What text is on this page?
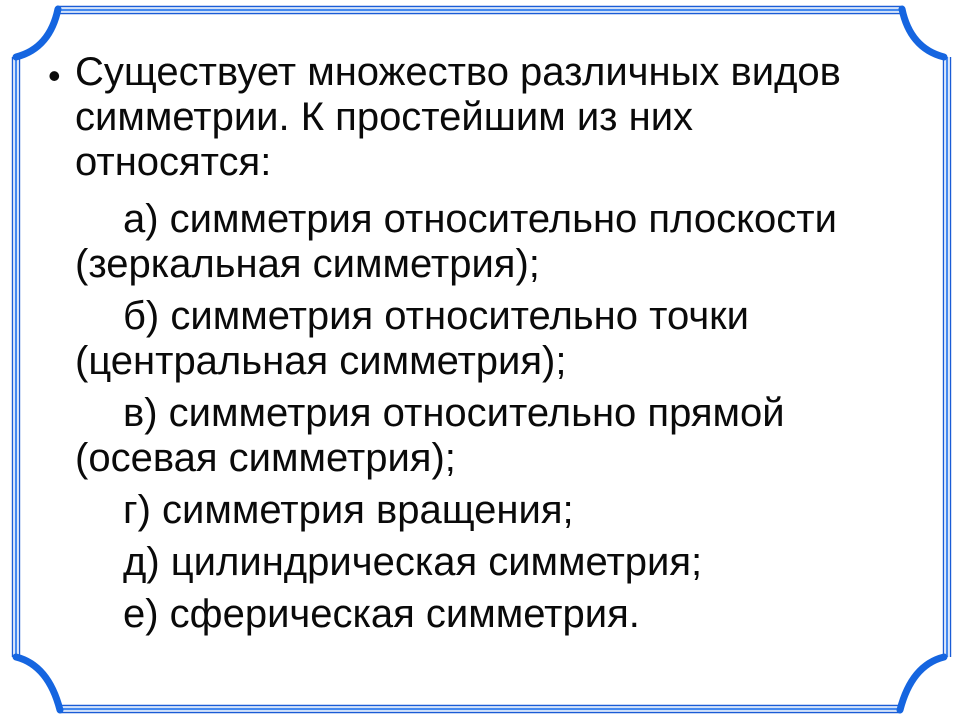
• Существует множество различных видов симметрии. К простейшим из них относятся:

а) симметрия относительно плоскости (зеркальная симметрия);

б) симметрия относительно точки (центральная симметрия);

в) симметрия относительно прямой (осевая симметрия);

г) симметрия вращения;

д) цилиндрическая симметрия;

е) сферическая симметрия.
